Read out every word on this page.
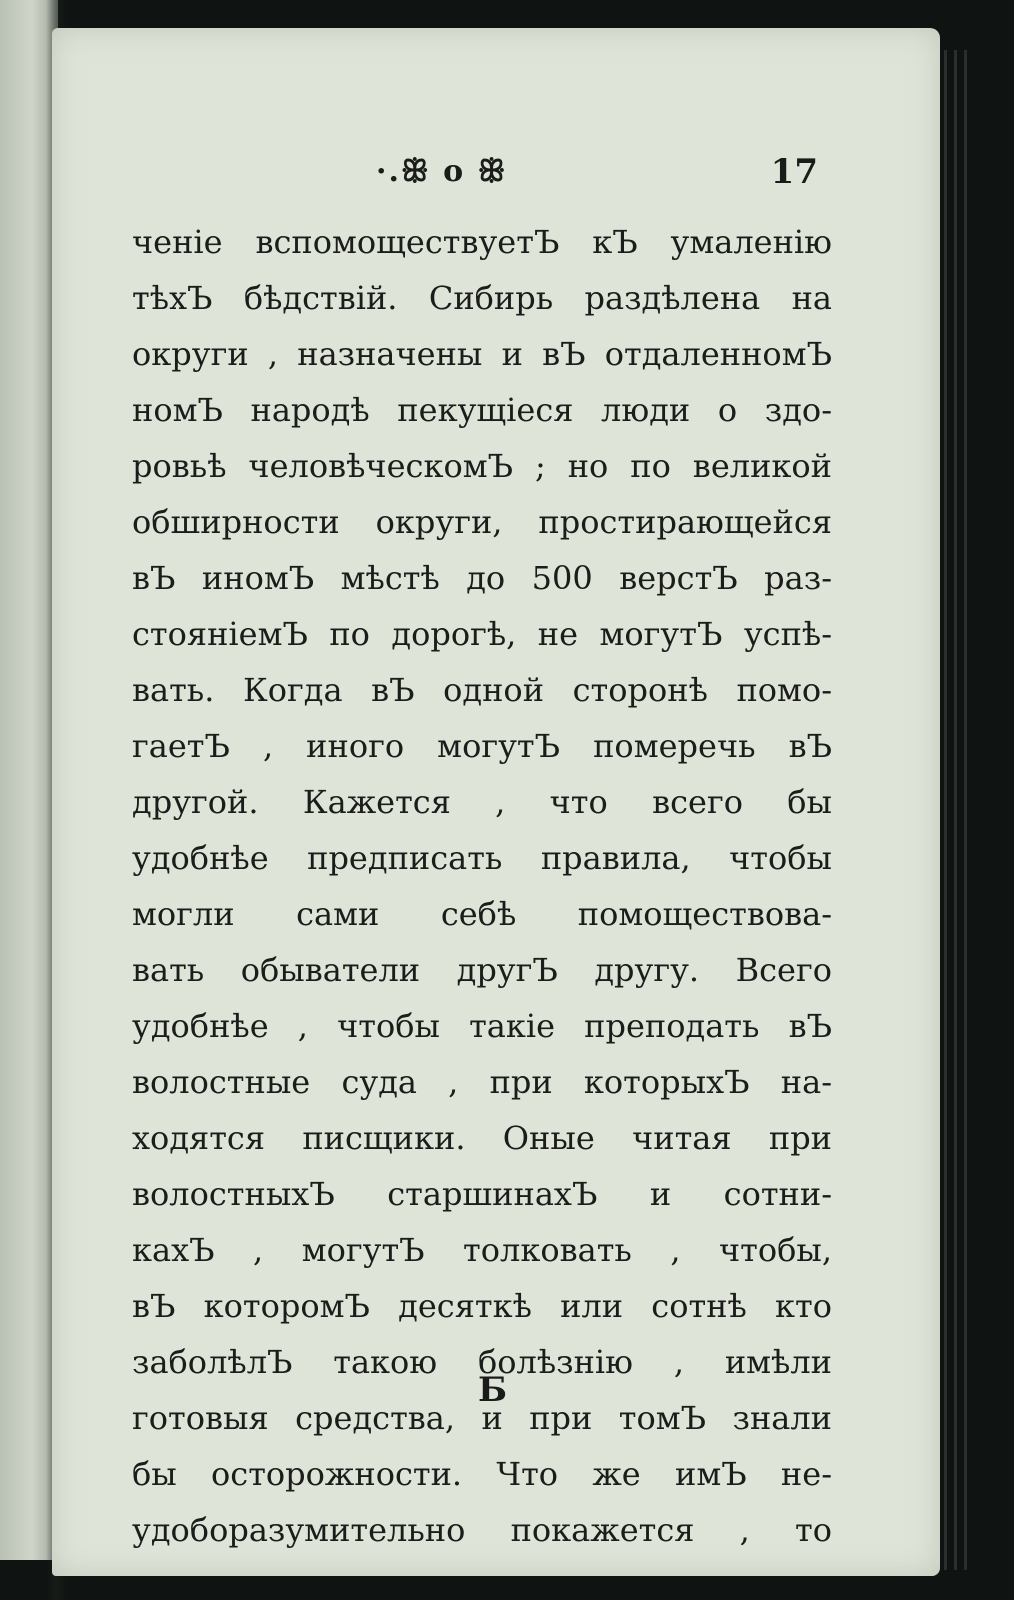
·.ꕥ o ꕥ	17
ченіе вспомоществуетЪ кЪ умаленію
тѣхЪ бѣдствій. Сибирь раздѣлена на
округи , назначены и вЪ отдаленномЪ
номЪ народѣ пекущіеся люди о здо-
ровьѣ человѣческомЪ ; но по великой
обширности округи, простирающейся
вЪ иномЪ мѣстѣ до 500 верстЪ раз-
стояніемЪ по дорогѣ, не могутЪ успѣ-
вать. Когда вЪ одной сторонѣ помо-
гаетЪ , иного могутЪ померечь вЪ
другой. Кажется , что всего бы
удобнѣе предписать правила, чтобы
могли сами себѣ помоществова-
вать обыватели другЪ другу. Всего
удобнѣе , чтобы такіе преподать вЪ
волостные суда , при которыхЪ на-
ходятся писщики. Оные читая при
волостныхЪ старшинахЪ и сотни-
кахЪ , могутЪ толковать , чтобы,
вЪ которомЪ десяткѣ или сотнѣ кто
заболѣлЪ такою болѣзнію , имѣли
готовыя средства, и при томЪ знали
бы осторожности. Что же имЪ не-
удобоpазумительно покажется , то
Б
